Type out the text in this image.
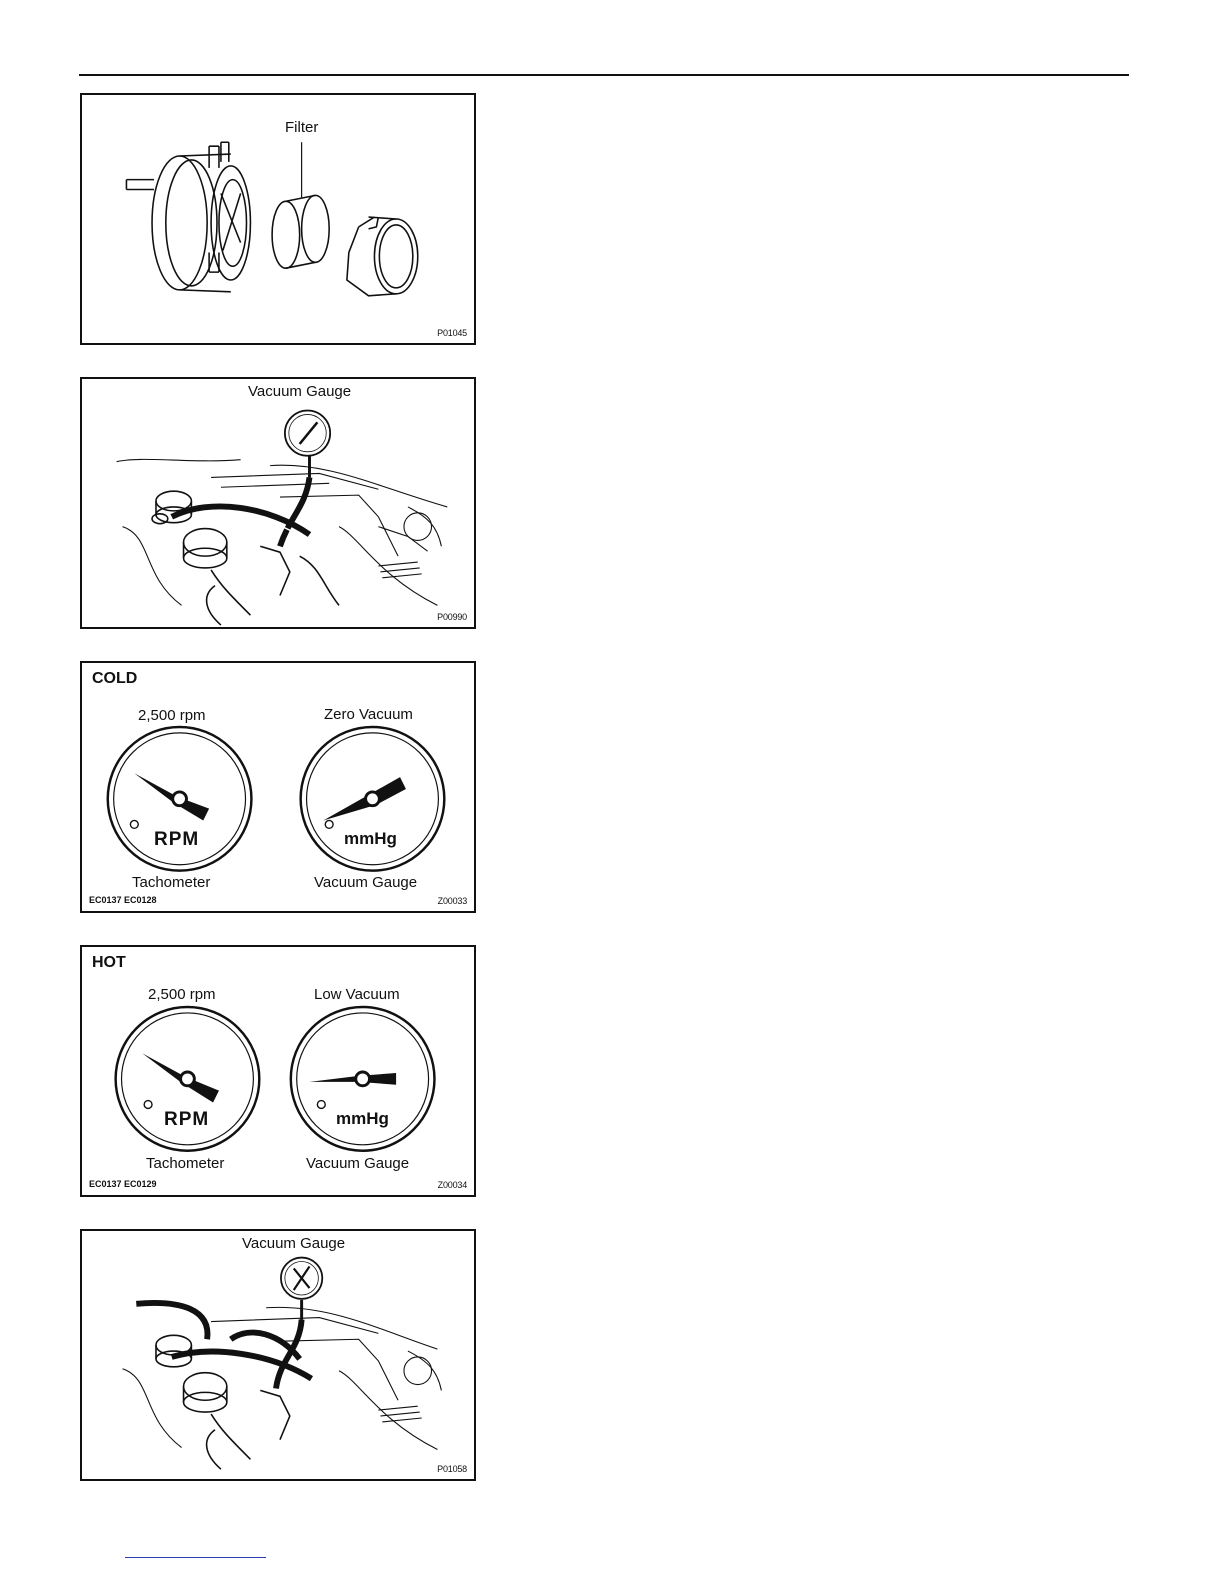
Filter
P01045
Vacuum Gauge
P00990
COLD
2,500 rpm	Zero Vacuum
RPM	mmHg
Tachometer	Vacuum Gauge
EC0137 EC0128	Z00033
HOT
2,500 rpm	Low Vacuum
RPM	mmHg
Tachometer	Vacuum Gauge
EC0137 EC0129	Z00034
Vacuum Gauge
P01058
